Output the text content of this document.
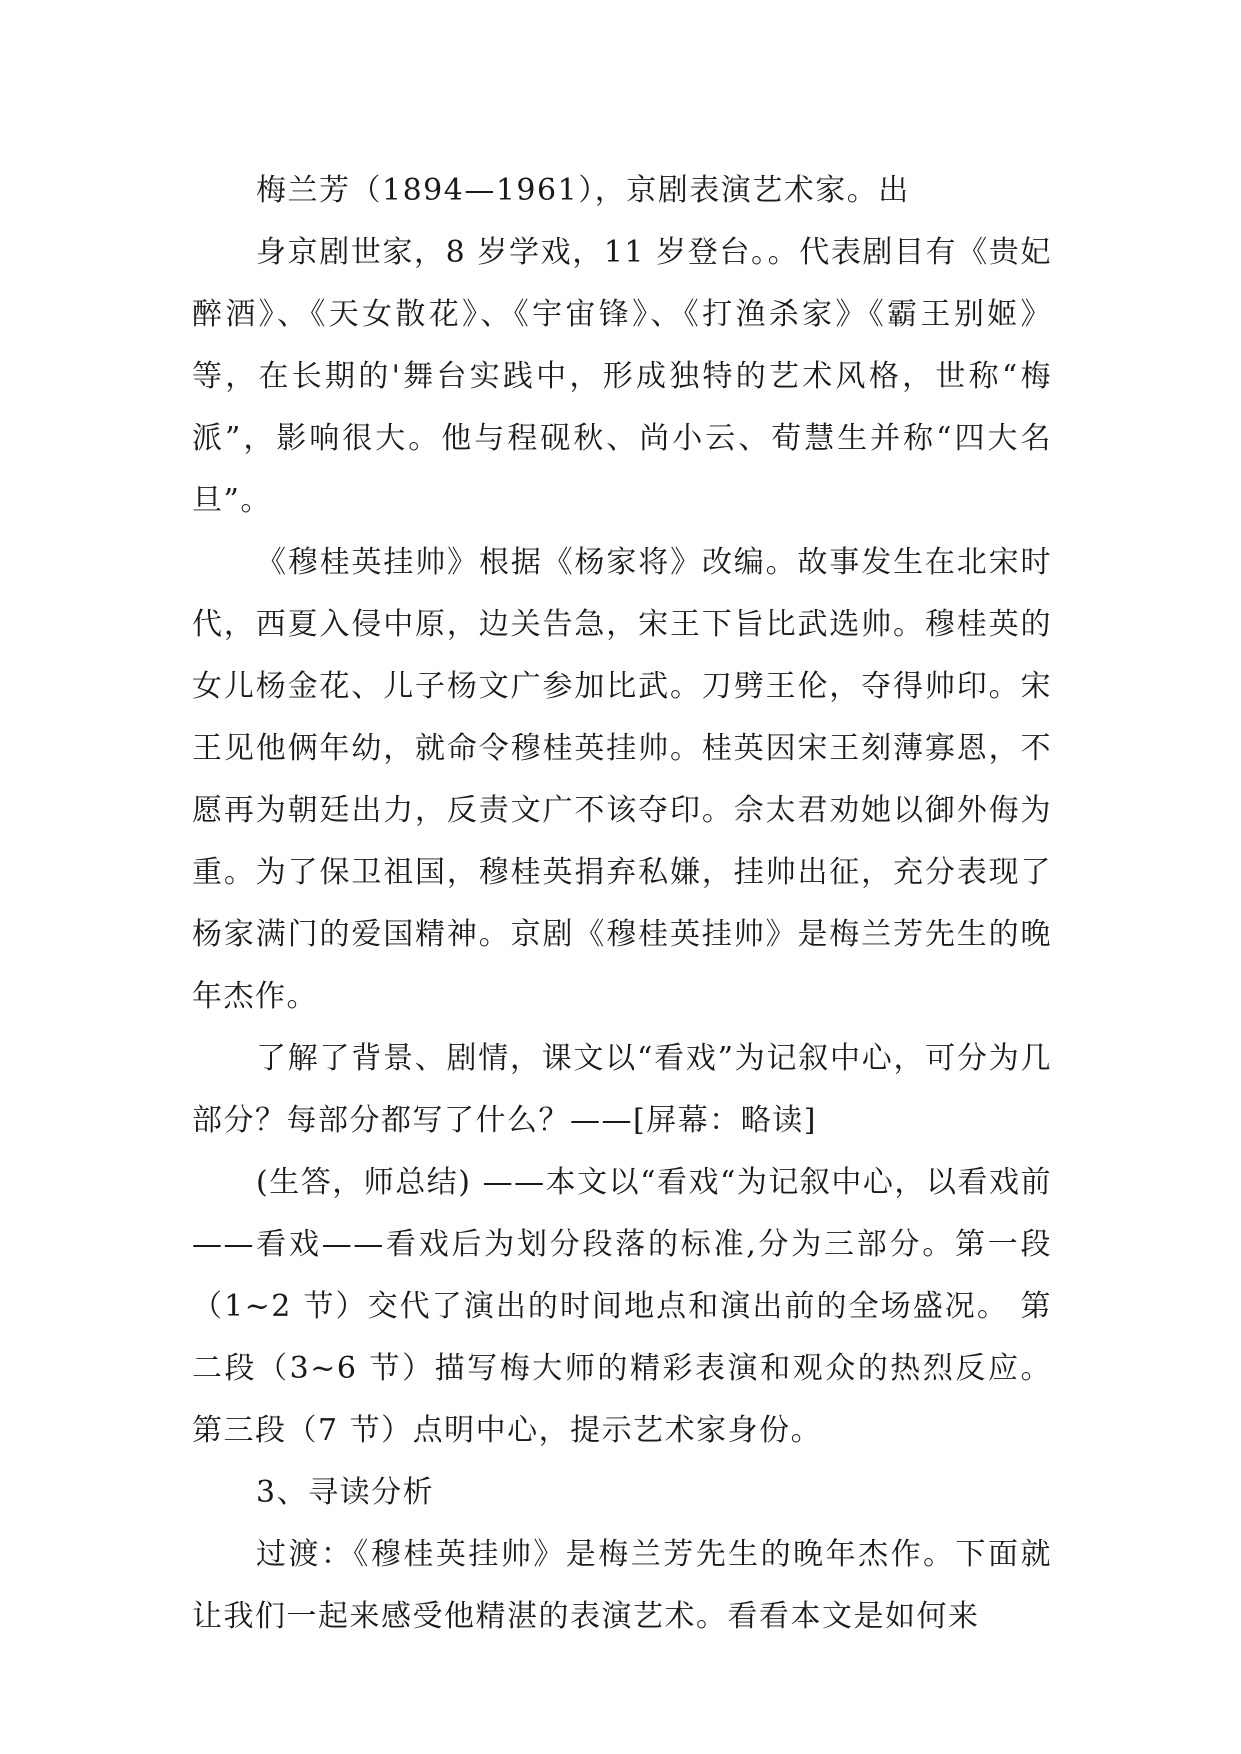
梅兰芳（1894—1961），京剧表演艺术家。出

身京剧世家，8 岁学戏，11 岁登台。。代表剧目有《贵妃醉酒》、《天女散花》、《宇宙锋》、《打渔杀家》《霸王别姬》等，在长期的'舞台实践中，形成独特的艺术风格，世称“梅派”，影响很大。他与程砚秋、尚小云、荀慧生并称“四大名旦”。

《穆桂英挂帅》根据《杨家将》改编。故事发生在北宋时代，西夏入侵中原，边关告急，宋王下旨比武选帅。穆桂英的女儿杨金花、儿子杨文广参加比武。刀劈王伦，夺得帅印。宋王见他俩年幼，就命令穆桂英挂帅。桂英因宋王刻薄寡恩，不愿再为朝廷出力，反责文广不该夺印。佘太君劝她以御外侮为重。为了保卫祖国，穆桂英捐弃私嫌，挂帅出征，充分表现了杨家满门的爱国精神。京剧《穆桂英挂帅》是梅兰芳先生的晚年杰作。

了解了背景、剧情，课文以“看戏”为记叙中心，可分为几部分？每部分都写了什么？——[屏幕：略读]

(生答，师总结) ——本文以“看戏“为记叙中心，以看戏前——看戏——看戏后为划分段落的标准,分为三部分。第一段（1~2 节）交代了演出的时间地点和演出前的全场盛况。 第二段（3~6 节）描写梅大师的精彩表演和观众的热烈反应。 第三段（7 节）点明中心，提示艺术家身份。

3、寻读分析

过渡：《穆桂英挂帅》是梅兰芳先生的晚年杰作。下面就让我们一起来感受他精湛的表演艺术。看看本文是如何来
